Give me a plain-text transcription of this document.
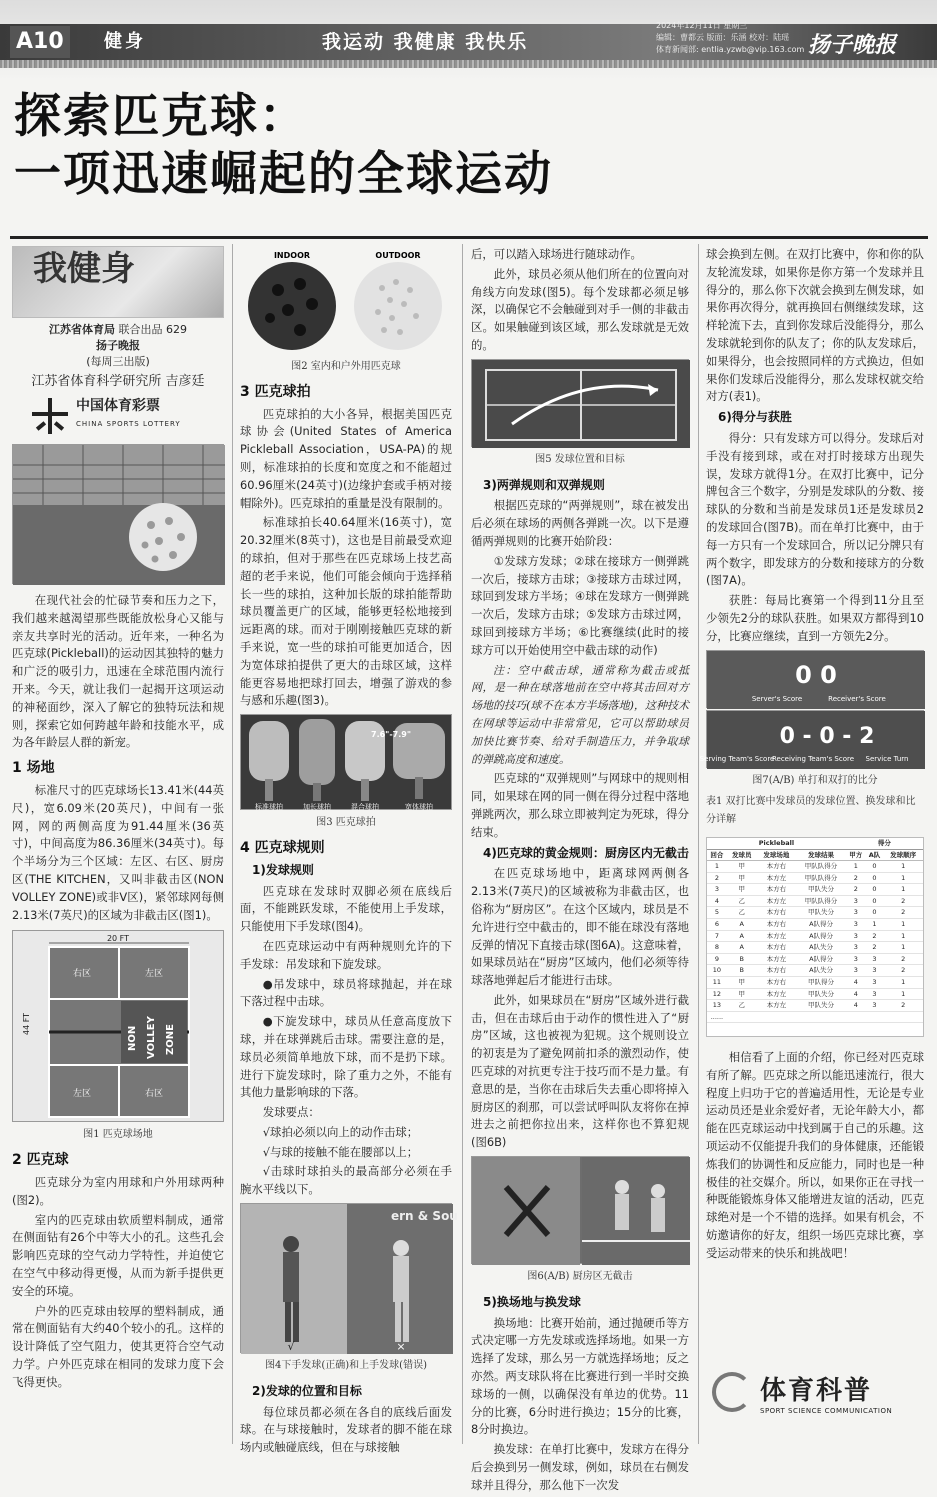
A10	健身	我运动 我健康 我快乐
2024年12月11日 星期三
编辑：曹都云 版面：乐涵 校对：陆瑶
体育新闻部: entlia.yzwb@vip.163.com 扬子晚报
探索匹克球：
一项迅速崛起的全球运动
我健身
江苏省体育局 联合出品 629
扬子晚报
(每周三出版)
江苏省体育科学研究所 吉彦廷
中国体育彩票
CHINA SPORTS LOTTERY

在现代社会的忙碌节奏和压力之下，我们越来越渴望那些既能放松身心又能与亲友共享时光的活动。近年来，一种名为匹克球(Pickleball)的运动因其独特的魅力和广泛的吸引力，迅速在全球范围内流行开来。今天，就让我们一起揭开这项运动的神秘面纱，深入了解它的独特玩法和规则，探索它如何跨越年龄和技能水平，成为各年龄层人群的新宠。

1 场地

标准尺寸的匹克球场长13.41米(44英尺)，宽6.09米(20英尺)，中间有一张网，网的两侧高度为91.44厘米(36英寸)，中间高度为86.36厘米(34英寸)。每个半场分为三个区域：左区、右区、厨房区(THE KITCHEN，又叫非截击区(NON VOLLEY ZONE)或非V区)，紧邻球网每侧2.13米(7英尺)的区域为非截击区(图1)。

20 FT
44 FT
右区	左区
左区	右区
NON VOLLEY ZONE
图1 匹克球场地
2 匹克球

匹克球分为室内用球和户外用球两种(图2)。

室内的匹克球由软质塑料制成，通常在侧面钻有26个中等大小的孔。这些孔会影响匹克球的空气动力学特性，并迫使它在空气中移动得更慢，从而为新手提供更安全的环境。

户外的匹克球由较厚的塑料制成，通常在侧面钻有大约40个较小的孔。这样的设计降低了空气阻力，使其更符合空气动力学。户外匹克球在相同的发球力度下会飞得更快。

INDOOR	OUTDOOR
图2 室内和户外用匹克球
3 匹克球拍

匹克球拍的大小各异，根据美国匹克球协会(United States of America Pickleball Association，USA-PA)的规则，标准球拍的长度和宽度之和不能超过60.96厘米(24英寸)(边缘护套或手柄对接帽除外)。匹克球拍的重量是没有限制的。

标准球拍长40.64厘米(16英寸)，宽20.32厘米(8英寸)，这也是目前最受欢迎的球拍，但对于那些在匹克球场上技艺高超的老手来说，他们可能会倾向于选择稍长一些的球拍，这种加长版的球拍能帮助球员覆盖更广的区域，能够更轻松地接到远距离的球。而对于刚刚接触匹克球的新手来说，宽一些的球拍可能更加适合，因为宽体球拍提供了更大的击球区域，这样能更容易地把球打回去，增强了游戏的参与感和乐趣(图3)。

7.6"-7.9"
标准球拍	加长球拍	混合球拍	宽体球拍
图3 匹克球拍
4 匹克球规则
1)发球规则

匹克球在发球时双脚必须在底线后面，不能跳跃发球，不能使用上手发球，只能使用下手发球(图4)。

在匹克球运动中有两种规则允许的下手发球：吊发球和下旋发球。

●吊发球中，球员将球抛起，并在球下落过程中击球。

●下旋发球中，球员从任意高度放下球，并在球弹跳后击球。需要注意的是，球员必须简单地放下球，而不是扔下球。进行下旋发球时，除了重力之外，不能有其他力量影响球的下落。

发球要点：

√球拍必须以向上的动作击球；

√与球的接触不能在腰部以上；

√击球时球拍头的最高部分必须在手腕水平线以下。

ern & Sou
√	×
图4下手发球(正确)和上手发球(错误)
2)发球的位置和目标

每位球员都必须在各自的底线后面发球。在与球接触时，发球者的脚不能在球场内或触碰底线，但在与球接触

后，可以踏入球场进行随球动作。

此外，球员必须从他们所在的位置向对角线方向发球(图5)。每个发球都必须足够深，以确保它不会触碰到对手一侧的非截击区。如果触碰到该区域，那么发球就是无效的。

图5 发球位置和目标
3)两弹规则和双弹规则

根据匹克球的“两弹规则”，球在被发出后必须在球场的两侧各弹跳一次。以下是遵循两弹规则的比赛开始阶段：

①发球方发球；②球在接球方一侧弹跳一次后，接球方击球；③接球方击球过网，球回到发球方半场；④球在发球方一侧弹跳一次后，发球方击球；⑤发球方击球过网，球回到接球方半场；⑥比赛继续(此时的接球方可以开始使用空中截击球的动作)

注：空中截击球，通常称为截击或抵网，是一种在球落地前在空中将其击回对方场地的技巧(球不在本方半场落地)，这种技术在网球等运动中非常常见，它可以帮助球员加快比赛节奏、给对手制造压力，并争取球的弹跳高度和速度。

匹克球的“双弹规则”与网球中的规则相同，如果球在网的同一侧在得分过程中落地弹跳两次，那么球立即被判定为死球，得分结束。

4)匹克球的黄金规则：厨房区内无截击

在匹克球场地中，距离球网两侧各2.13米(7英尺)的区域被称为非截击区，也俗称为“厨房区”。在这个区域内，球员是不允许进行空中截击的，即不能在球没有落地反弹的情况下直接击球(图6A)。这意味着，如果球员站在“厨房”区域内，他们必须等待球落地弹起后才能进行击球。

此外，如果球员在“厨房”区域外进行截击，但在击球后由于动作的惯性进入了“厨房”区域，这也被视为犯规。这个规则设立的初衷是为了避免网前扣杀的激烈动作，使匹克球的对抗更专注于技巧而不是力量。有意思的是，当你在击球后失去重心即将掉入厨房区的刹那，可以尝试呼叫队友将你在掉进去之前把你拉出来，这样你也不算犯规(图6B)

图6(A/B) 厨房区无截击
5)换场地与换发球

换场地：比赛开始前，通过抛硬币等方式决定哪一方先发球或选择场地。如果一方选择了发球，那么另一方就选择场地；反之亦然。两支球队将在比赛进行到一半时交换球场的一侧，以确保没有单边的优势。11分的比赛，6分时进行换边；15分的比赛，8分时换边。

换发球：在单打比赛中，发球方在得分后会换到另一侧发球，例如，球员在右侧发球并且得分，那么他下一次发

球会换到左侧。在双打比赛中，你和你的队友轮流发球，如果你是你方第一个发球并且得分的，那么你下次就会换到左侧发球，如果你再次得分，就再换回右侧继续发球，这样轮流下去，直到你发球后没能得分，那么发球就轮到你的队友了；你的队友发球后，如果得分，也会按照同样的方式换边，但如果你们发球后没能得分，那么发球权就交给对方(表1)。

6)得分与获胜

得分：只有发球方可以得分。发球后对手没有接到球，或在对打时接球方出现失误，发球方就得1分。在双打比赛中，记分牌包含三个数字，分别是发球队的分数、接球队的分数和当前是发球员1还是发球员2的发球回合(图7B)。而在单打比赛中，由于每一方只有一个发球回合，所以记分牌只有两个数字，即发球方的分数和接球方的分数(图7A)。

获胜：每局比赛第一个得到11分且至少领先2分的球队获胜。如果双方都得到10分，比赛应继续，直到一方领先2分。

0 0
Server's Score	Receiver's Score
0 - 0 - 2
Serving Team's Score
Receiving Team's Score Service Turn
图7(A/B) 单打和双打的比分
表1 双打比赛中发球员的发球位置、换发球和比分详解
Pickleball				得分		
回合	发球员	发球场地	发球结果	甲方	A队	发球顺序
1	甲	本方右	甲队队得分	1	0	1
2	甲	本方左	甲队队得分	2	0	1
3	甲	本方右	甲队失分	2	0	1
4	乙	本方左	甲队队得分	3	0	2
5	乙	本方右	甲队失分	3	0	2
6	A	本方右	A队得分	3	1	1
7	A	本方左	A队得分	3	2	1
8	A	本方右	A队失分	3	2	1
9	B	本方左	A队得分	3	3	2
10	B	本方右	A队失分	3	3	2
11	甲	本方右	甲队得分	4	3	1
12	甲	本方左	甲队失分	4	3	1
13	乙	本方左	甲队失分	4	3	2
......						

相信看了上面的介绍，你已经对匹克球有所了解。匹克球之所以能迅速流行，很大程度上归功于它的普遍适用性，无论是专业运动员还是业余爱好者，无论年龄大小，都能在匹克球运动中找到属于自己的乐趣。这项运动不仅能提升我们的身体健康，还能锻炼我们的协调性和反应能力，同时也是一种极佳的社交媒介。所以，如果你正在寻找一种既能锻炼身体又能增进友谊的活动，匹克球绝对是一个不错的选择。如果有机会，不妨邀请你的好友，组织一场匹克球比赛，享受运动带来的快乐和挑战吧！

体育科普
SPORT SCIENCE COMMUNICATION
